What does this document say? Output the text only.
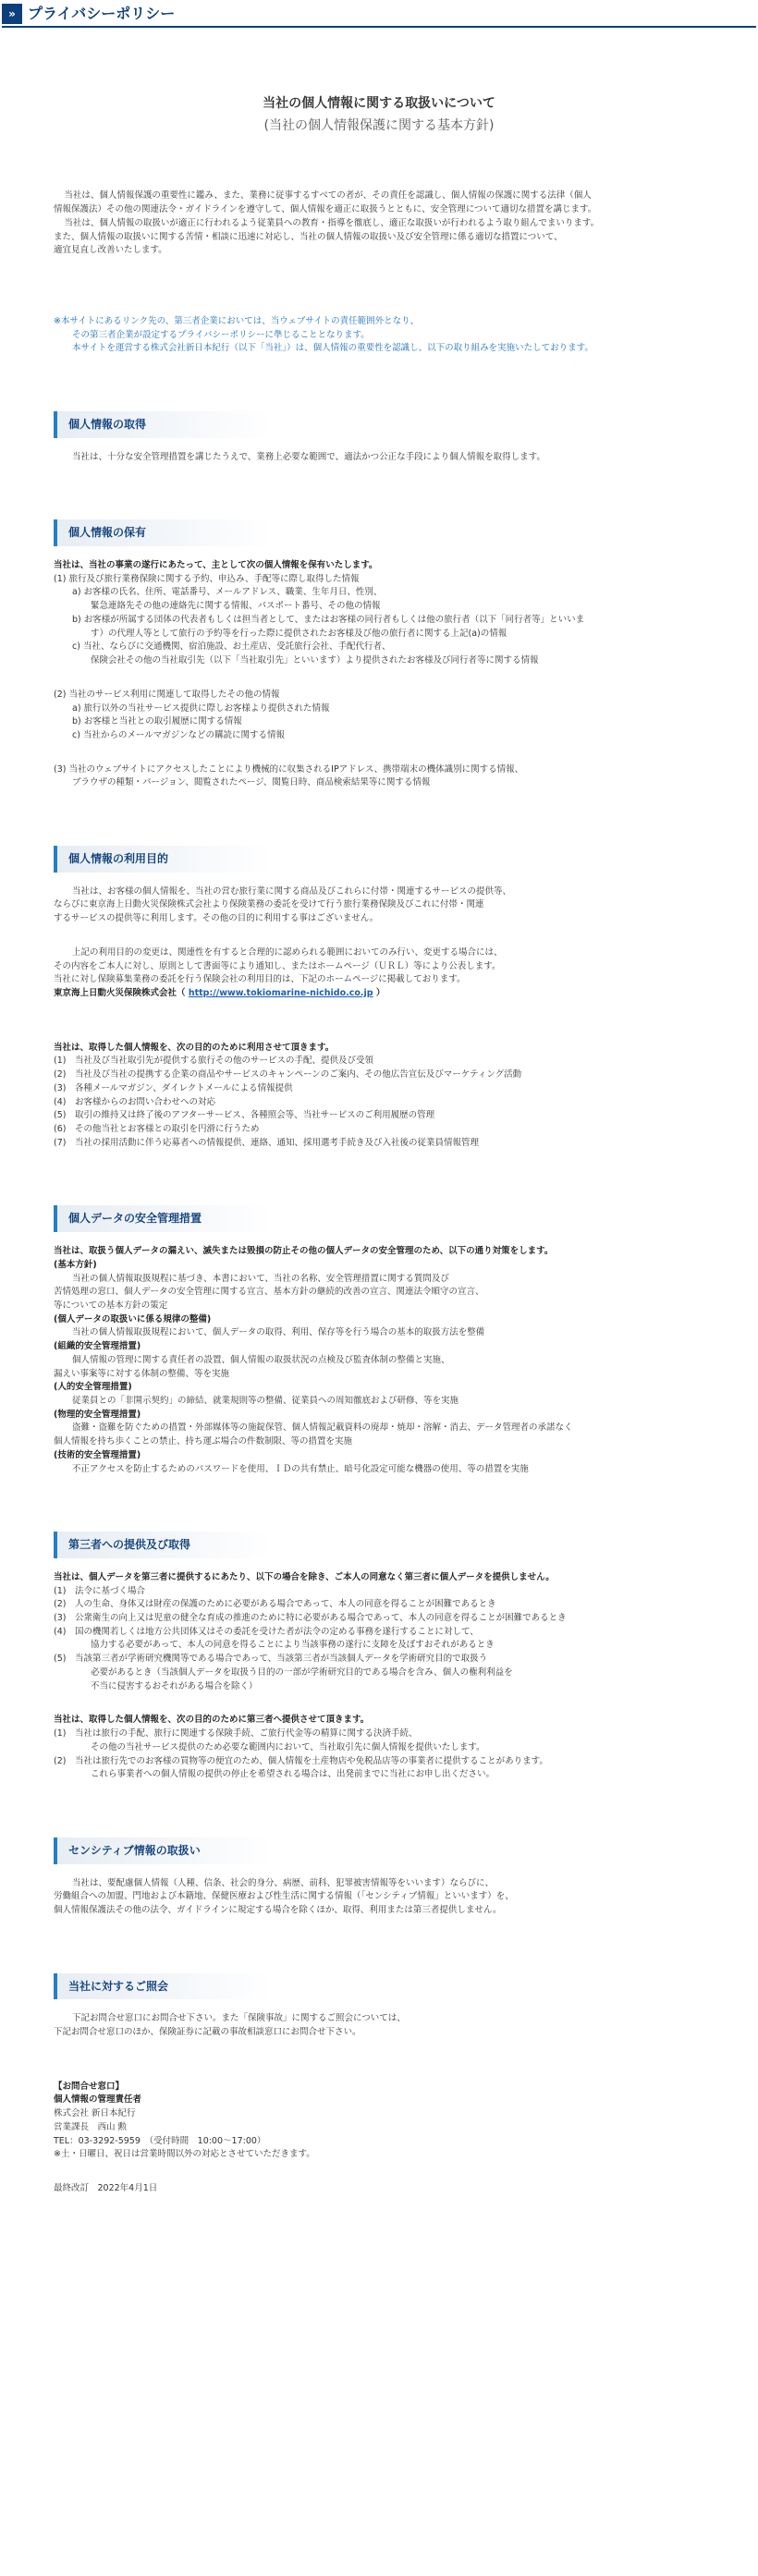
» プライバシーポリシー
当社の個人情報に関する取扱いについて
(当社の個人情報保護に関する基本方針)

当社は、個人情報保護の重要性に鑑み、また、業務に従事するすべての者が、その責任を認識し、個人情報の保護に関する法律（個人

情報保護法）その他の関連法令・ガイドラインを遵守して、個人情報を適正に取扱うとともに、安全管理について適切な措置を講じます。

当社は、個人情報の取扱いが適正に行われるよう従業員への教育・指導を徹底し、適正な取扱いが行われるよう取り組んでまいります。

また、個人情報の取扱いに関する苦情・相談に迅速に対応し、当社の個人情報の取扱い及び安全管理に係る適切な措置について、

適宜見直し改善いたします。

※本サイトにあるリンク先の、第三者企業においては、当ウェブサイトの責任範囲外となり、

その第三者企業が設定するプライバシーポリシーに準じることとなります。

本サイトを運営する株式会社新日本紀行（以下「当社」）は、個人情報の重要性を認識し、以下の取り組みを実施いたしております。

個人情報の取得

当社は、十分な安全管理措置を講じたうえで、業務上必要な範囲で、適法かつ公正な手段により個人情報を取得します。

個人情報の保有

当社は、当社の事業の遂行にあたって、主として次の個人情報を保有いたします。

(1) 旅行及び旅行業務保険に関する予約、申込み、手配等に際し取得した情報

a) お客様の氏名、住所、電話番号、メールアドレス、職業、生年月日、性別、

緊急連絡先その他の連絡先に関する情報、パスポート番号、その他の情報

b) お客様が所属する団体の代表者もしくは担当者として、またはお客様の同行者もしくは他の旅行者（以下「同行者等」といいま

す）の代理人等として旅行の予約等を行った際に提供されたお客様及び他の旅行者に関する上記(a)の情報

c) 当社、ならびに交通機関、宿泊施設、お土産店、受託旅行会社、手配代行者、

保険会社その他の当社取引先（以下「当社取引先」といいます）より提供されたお客様及び同行者等に関する情報

(2) 当社のサービス利用に関連して取得したその他の情報

a) 旅行以外の当社サービス提供に際しお客様より提供された情報

b) お客様と当社との取引履歴に関する情報

c) 当社からのメールマガジンなどの購読に関する情報

(3) 当社のウェブサイトにアクセスしたことにより機械的に収集されるIPアドレス、携帯端末の機体識別に関する情報、

ブラウザの種類・バージョン、閲覧されたページ、閲覧日時、商品検索結果等に関する情報

個人情報の利用目的

当社は、お客様の個人情報を、当社の営む旅行業に関する商品及びこれらに付帯・関連するサービスの提供等、

ならびに東京海上日動火災保険株式会社より保険業務の委託を受けて行う旅行業務保険及びこれに付帯・関連

するサービスの提供等に利用します。その他の目的に利用する事はございません。

上記の利用目的の変更は、関連性を有すると合理的に認められる範囲においてのみ行い、変更する場合には、

その内容をご本人に対し、原則として書面等により通知し、またはホームページ（ＵＲＬ）等により公表します。

当社に対し保険募集業務の委託を行う保険会社の利用目的は、下記のホームページに掲載しております。

東京海上日動火災保険株式会社（ http://www.tokiomarine-nichido.co.jp ）

当社は、取得した個人情報を、次の目的のために利用させて頂きます。

(1)　当社及び当社取引先が提供する旅行その他のサービスの手配、提供及び受領

(2)　当社及び当社の提携する企業の商品やサービスのキャンペーンのご案内、その他広告宣伝及びマーケティング活動

(3)　各種メールマガジン、ダイレクトメールによる情報提供

(4)　お客様からのお問い合わせへの対応

(5)　取引の維持又は終了後のアフターサービス、各種照会等、当社サービスのご利用履歴の管理

(6)　その他当社とお客様との取引を円滑に行うため

(7)　当社の採用活動に伴う応募者への情報提供、連絡、通知、採用選考手続き及び入社後の従業員情報管理

個人データの安全管理措置

当社は、取扱う個人データの漏えい、滅失または毀損の防止その他の個人データの安全管理のため、以下の通り対策をします。

(基本方針)

当社の個人情報取扱規程に基づき、本書において、当社の名称、安全管理措置に関する質問及び

苦情処理の窓口、個人データの安全管理に関する宣言、基本方針の継続的改善の宣言、関連法令順守の宣言、

等についての基本方針の策定

(個人データの取扱いに係る規律の整備)

当社の個人情報取扱規程において、個人データの取得、利用、保存等を行う場合の基本的取扱方法を整備

(組織的安全管理措置)

個人情報の管理に関する責任者の設置、個人情報の取扱状況の点検及び監査体制の整備と実施、

漏えい事案等に対する体制の整備、等を実施

(人的安全管理措置)

従業員との「非開示契約」の締結、就業規則等の整備、従業員への周知徹底および研修、等を実施

(物理的安全管理措置)

盗難・盗難を防ぐための措置・外部媒体等の施錠保管、個人情報記載資料の廃却・焼却・溶解・消去、データ管理者の承諾なく

個人情報を持ち歩くことの禁止、持ち運ぶ場合の件数制限、等の措置を実施

(技術的安全管理措置)

不正アクセスを防止するためのパスワードを使用、ＩＤの共有禁止、暗号化設定可能な機器の使用、等の措置を実施

第三者への提供及び取得

当社は、個人データを第三者に提供するにあたり、以下の場合を除き、ご本人の同意なく第三者に個人データを提供しません。

(1)　法令に基づく場合

(2)　人の生命、身体又は財産の保護のために必要がある場合であって、本人の同意を得ることが困難であるとき

(3)　公衆衛生の向上又は児童の健全な育成の推進のために特に必要がある場合であって、本人の同意を得ることが困難であるとき

(4)　国の機関若しくは地方公共団体又はその委託を受けた者が法令の定める事務を遂行することに対して、

協力する必要があって、本人の同意を得ることにより当該事務の遂行に支障を及ぼすおそれがあるとき

(5)　当該第三者が学術研究機関等である場合であって、当該第三者が当該個人データを学術研究目的で取扱う

必要があるとき（当該個人データを取扱う目的の一部が学術研究目的である場合を含み、個人の権利利益を

不当に侵害するおそれがある場合を除く）

当社は、取得した個人情報を、次の目的のために第三者へ提供させて頂きます。

(1)　当社は旅行の手配、旅行に関連する保険手続、ご旅行代金等の精算に関する決済手続、

その他の当社サービス提供のため必要な範囲内において、当社取引先に個人情報を提供いたします。

(2)　当社は旅行先でのお客様の買物等の便宜のため、個人情報を土産物店や免税品店等の事業者に提供することがあります。

これら事業者への個人情報の提供の停止を希望される場合は、出発前までに当社にお申し出ください。

センシティブ情報の取扱い

当社は、要配慮個人情報（人種、信条、社会的身分、病歴、前科、犯罪被害情報等をいいます）ならびに、

労働組合への加盟、門地および本籍地、保健医療および性生活に関する情報（「センシティブ情報」といいます）を、

個人情報保護法その他の法令、ガイドラインに規定する場合を除くほか、取得、利用または第三者提供しません。

当社に対するご照会

下記お問合せ窓口にお問合せ下さい。また「保険事故」に関するご照会については、

下記お問合せ窓口のほか、保険証券に記載の事故相談窓口にお問合せ下さい。

【お問合せ窓口】

個人情報の管理責任者

株式会社 新日本紀行

営業課長　西山 勲

TEL：03-3292-5959　（受付時間　10:00〜17:00）

※土・日曜日、祝日は営業時間以外の対応とさせていただきます。

最終改訂　2022年4月1日
